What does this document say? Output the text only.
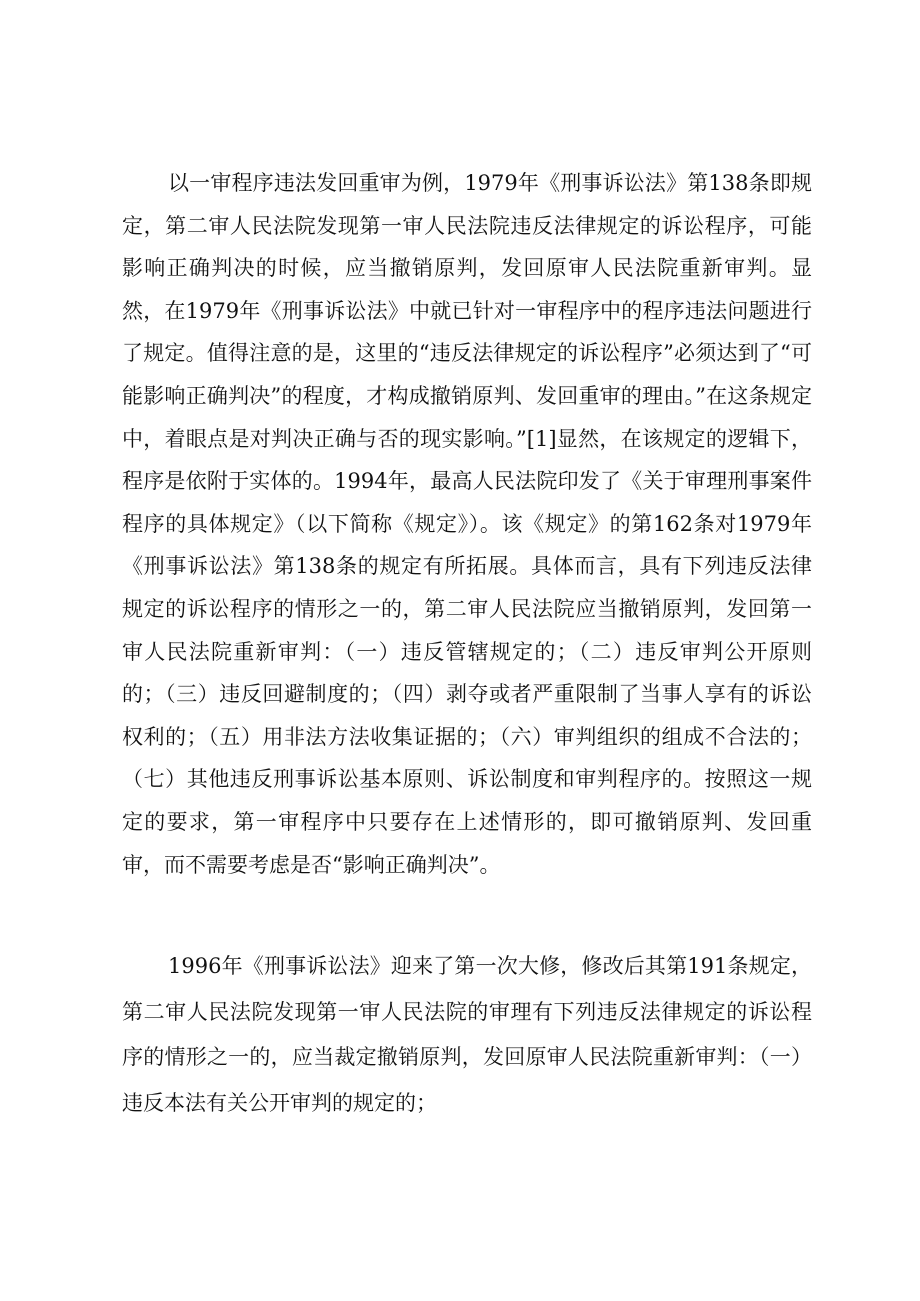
以一审程序违法发回重审为例，1979年《刑事诉讼法》第138条即规定，第二审人民法院发现第一审人民法院违反法律规定的诉讼程序，可能影响正确判决的时候，应当撤销原判，发回原审人民法院重新审判。显然，在1979年《刑事诉讼法》中就已针对一审程序中的程序违法问题进行了规定。值得注意的是，这里的“违反法律规定的诉讼程序”必须达到了“可能影响正确判决”的程度，才构成撤销原判、发回重审的理由。”在这条规定中，着眼点是对判决正确与否的现实影响。”[1]显然，在该规定的逻辑下，程序是依附于实体的。1994年，最高人民法院印发了《关于审理刑事案件程序的具体规定》（以下简称《规定》）。该《规定》的第162条对1979年《刑事诉讼法》第138条的规定有所拓展。具体而言，具有下列违反法律规定的诉讼程序的情形之一的，第二审人民法院应当撤销原判，发回第一审人民法院重新审判：（一）违反管辖规定的；（二）违反审判公开原则的；（三）违反回避制度的；（四）剥夺或者严重限制了当事人享有的诉讼权利的；（五）用非法方法收集证据的；（六）审判组织的组成不合法的；（七）其他违反刑事诉讼基本原则、诉讼制度和审判程序的。按照这一规定的要求，第一审程序中只要存在上述情形的，即可撤销原判、发回重审，而不需要考虑是否“影响正确判决”。

1996年《刑事诉讼法》迎来了第一次大修，修改后其第191条规定，第二审人民法院发现第一审人民法院的审理有下列违反法律规定的诉讼程序的情形之一的，应当裁定撤销原判，发回原审人民法院重新审判：（一）违反本法有关公开审判的规定的；
